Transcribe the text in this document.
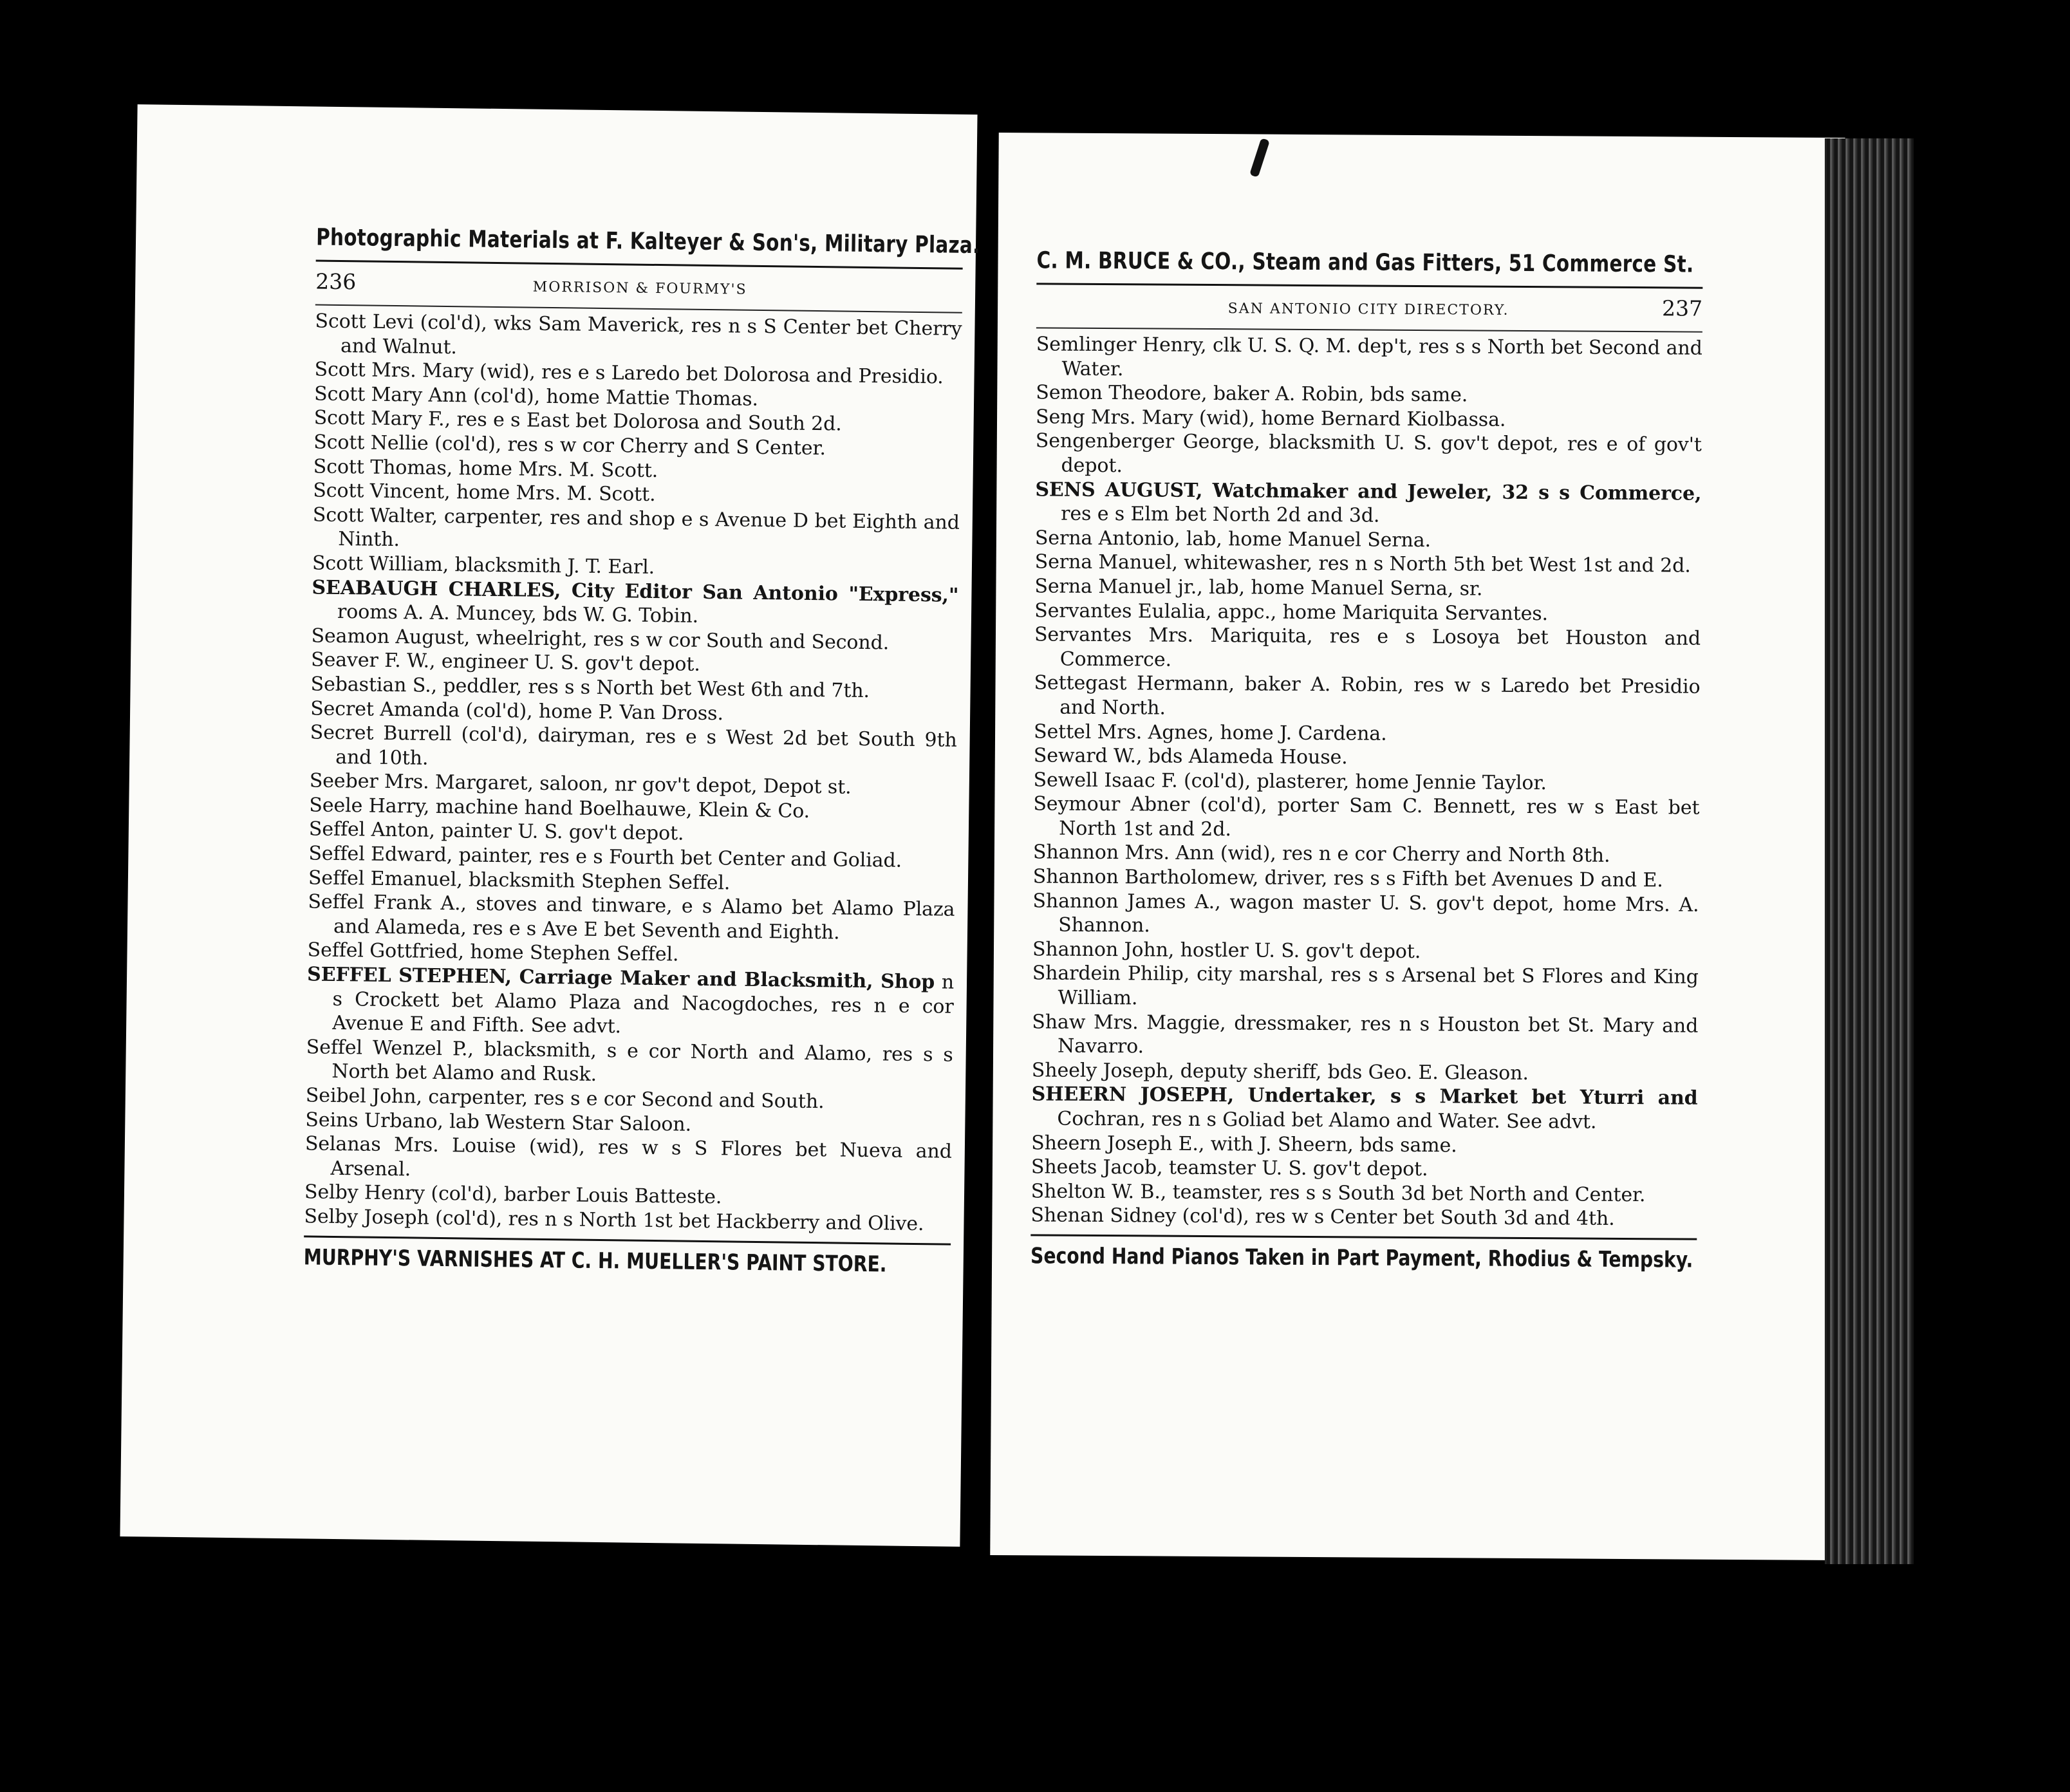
Photographic Materials at F. Kalteyer & Son's, Military Plaza.
236	MORRISON & FOURMY'S
Scott Levi (col'd), wks Sam Maverick, res n s S Center bet Cherry and Walnut.
Scott Mrs. Mary (wid), res e s Laredo bet Dolorosa and Presidio.
Scott Mary Ann (col'd), home Mattie Thomas.
Scott Mary F., res e s East bet Dolorosa and South 2d.
Scott Nellie (col'd), res s w cor Cherry and S Center.
Scott Thomas, home Mrs. M. Scott.
Scott Vincent, home Mrs. M. Scott.
Scott Walter, carpenter, res and shop e s Avenue D bet Eighth and Ninth.
Scott William, blacksmith J. T. Earl.
SEABAUGH CHARLES, City Editor San Antonio "Express," rooms A. A. Muncey, bds W. G. Tobin.
Seamon August, wheelright, res s w cor South and Second.
Seaver F. W., engineer U. S. gov't depot.
Sebastian S., peddler, res s s North bet West 6th and 7th.
Secret Amanda (col'd), home P. Van Dross.
Secret Burrell (col'd), dairyman, res e s West 2d bet South 9th and 10th.
Seeber Mrs. Margaret, saloon, nr gov't depot, Depot st.
Seele Harry, machine hand Boelhauwe, Klein & Co.
Seffel Anton, painter U. S. gov't depot.
Seffel Edward, painter, res e s Fourth bet Center and Goliad.
Seffel Emanuel, blacksmith Stephen Seffel.
Seffel Frank A., stoves and tinware, e s Alamo bet Alamo Plaza and Alameda, res e s Ave E bet Seventh and Eighth.
Seffel Gottfried, home Stephen Seffel.
SEFFEL STEPHEN, Carriage Maker and Blacksmith, Shop n s Crockett bet Alamo Plaza and Nacogdoches, res n e cor Avenue E and Fifth. See advt.
Seffel Wenzel P., blacksmith, s e cor North and Alamo, res s s North bet Alamo and Rusk.
Seibel John, carpenter, res s e cor Second and South.
Seins Urbano, lab Western Star Saloon.
Selanas Mrs. Louise (wid), res w s S Flores bet Nueva and Arsenal.
Selby Henry (col'd), barber Louis Batteste.
Selby Joseph (col'd), res n s North 1st bet Hackberry and Olive.
MURPHY'S VARNISHES AT C. H. MUELLER'S PAINT STORE.
C. M. BRUCE & CO., Steam and Gas Fitters, 51 Commerce St.
SAN ANTONIO CITY DIRECTORY.	237
Semlinger Henry, clk U. S. Q. M. dep't, res s s North bet Second and Water.
Semon Theodore, baker A. Robin, bds same.
Seng Mrs. Mary (wid), home Bernard Kiolbassa.
Sengenberger George, blacksmith U. S. gov't depot, res e of gov't depot.
SENS AUGUST, Watchmaker and Jeweler, 32 s s Commerce, res e s Elm bet North 2d and 3d.
Serna Antonio, lab, home Manuel Serna.
Serna Manuel, whitewasher, res n s North 5th bet West 1st and 2d.
Serna Manuel jr., lab, home Manuel Serna, sr.
Servantes Eulalia, appc., home Mariquita Servantes.
Servantes Mrs. Mariquita, res e s Losoya bet Houston and Commerce.
Settegast Hermann, baker A. Robin, res w s Laredo bet Presidio and North.
Settel Mrs. Agnes, home J. Cardena.
Seward W., bds Alameda House.
Sewell Isaac F. (col'd), plasterer, home Jennie Taylor.
Seymour Abner (col'd), porter Sam C. Bennett, res w s East bet North 1st and 2d.
Shannon Mrs. Ann (wid), res n e cor Cherry and North 8th.
Shannon Bartholomew, driver, res s s Fifth bet Avenues D and E.
Shannon James A., wagon master U. S. gov't depot, home Mrs. A. Shannon.
Shannon John, hostler U. S. gov't depot.
Shardein Philip, city marshal, res s s Arsenal bet S Flores and King William.
Shaw Mrs. Maggie, dressmaker, res n s Houston bet St. Mary and Navarro.
Sheely Joseph, deputy sheriff, bds Geo. E. Gleason.
SHEERN JOSEPH, Undertaker, s s Market bet Yturri and Cochran, res n s Goliad bet Alamo and Water. See advt.
Sheern Joseph E., with J. Sheern, bds same.
Sheets Jacob, teamster U. S. gov't depot.
Shelton W. B., teamster, res s s South 3d bet North and Center.
Shenan Sidney (col'd), res w s Center bet South 3d and 4th.
Second Hand Pianos Taken in Part Payment, Rhodius & Tempsky.
